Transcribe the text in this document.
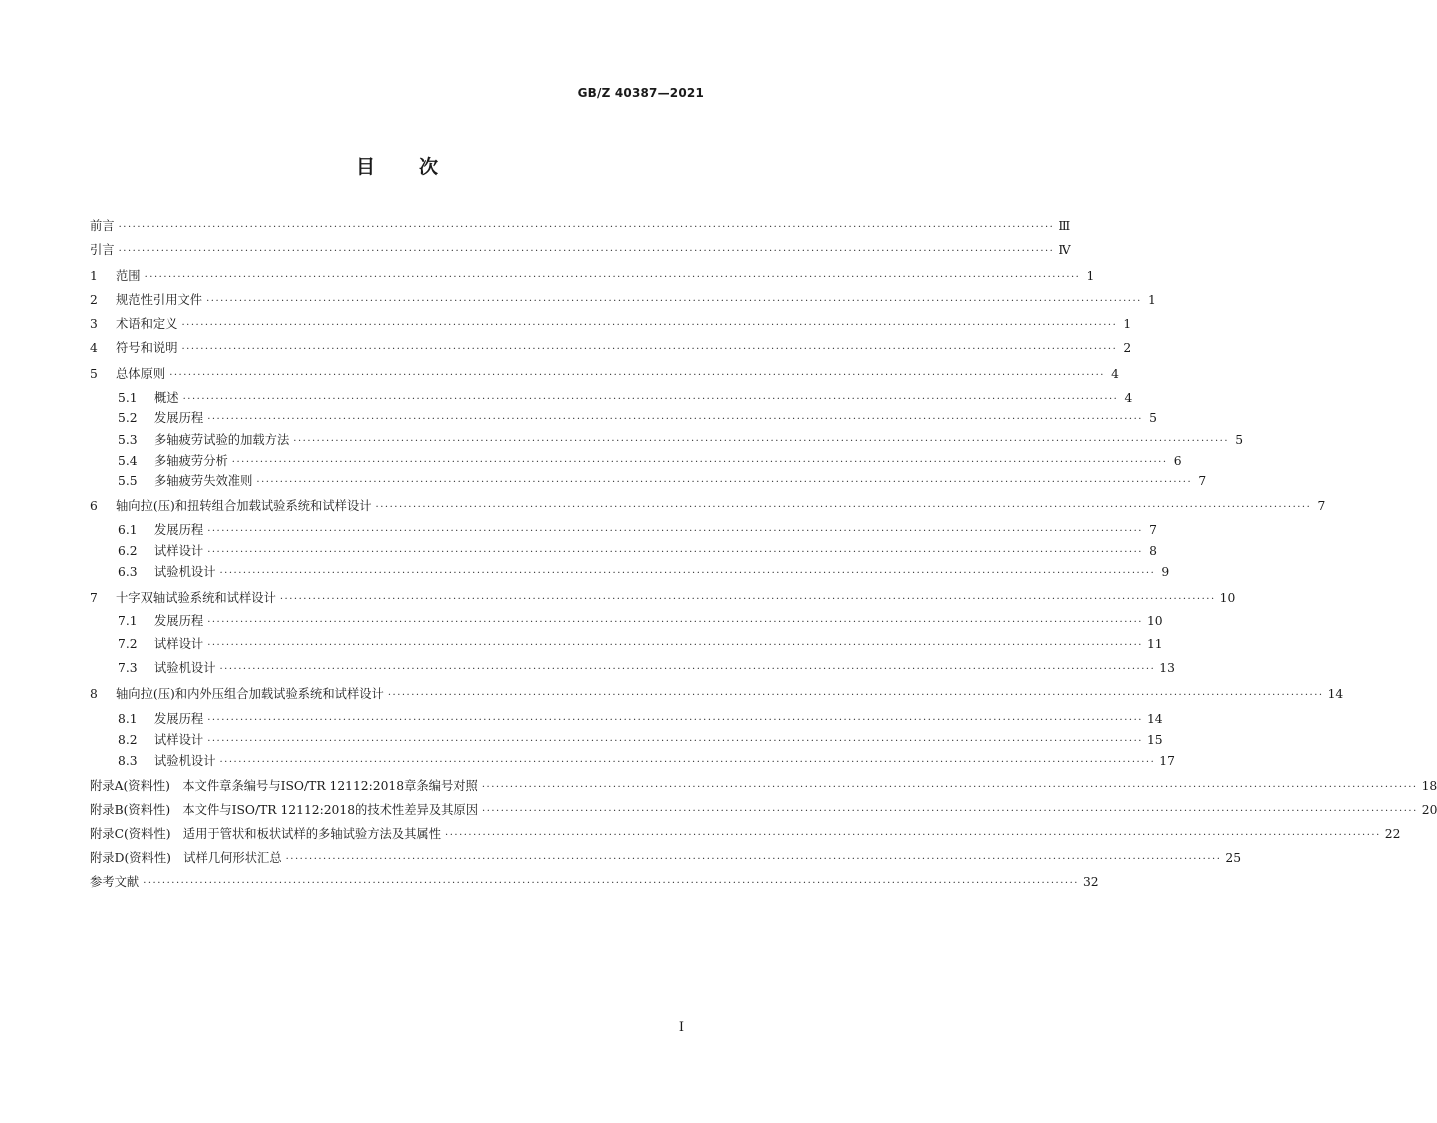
GB/Z 40387—2021
目 次
前言 ········································································································································································································ Ⅲ
引言 ········································································································································································································ Ⅳ
1	范围 ········································································································································································································ 1
2	规范性引用文件 ········································································································································································································ 1
3	术语和定义 ········································································································································································································ 1
4	符号和说明 ········································································································································································································ 2
5	总体原则 ········································································································································································································ 4
5.1	概述 ········································································································································································································ 4
5.2	发展历程 ········································································································································································································ 5
5.3	多轴疲劳试验的加载方法 ········································································································································································································ 5
5.4	多轴疲劳分析 ········································································································································································································ 6
5.5	多轴疲劳失效准则 ········································································································································································································ 7
6	轴向拉(压)和扭转组合加载试验系统和试样设计 ········································································································································································································ 7
6.1	发展历程 ········································································································································································································ 7
6.2	试样设计 ········································································································································································································ 8
6.3	试验机设计 ········································································································································································································ 9
7	十字双轴试验系统和试样设计 ········································································································································································································ 10
7.1	发展历程 ········································································································································································································ 10
7.2	试样设计 ········································································································································································································ 11
7.3	试验机设计 ········································································································································································································ 13
8	轴向拉(压)和内外压组合加载试验系统和试样设计 ········································································································································································································ 14
8.1	发展历程 ········································································································································································································ 14
8.2	试样设计 ········································································································································································································ 15
8.3	试验机设计 ········································································································································································································ 17
附录A(资料性)　本文件章条编号与ISO/TR 12112:2018章条编号对照 ········································································································································································································ 18
附录B(资料性)　本文件与ISO/TR 12112:2018的技术性差异及其原因 ········································································································································································································ 20
附录C(资料性)　适用于管状和板状试样的多轴试验方法及其属性 ········································································································································································································ 22
附录D(资料性)　试样几何形状汇总 ········································································································································································································ 25
参考文献 ········································································································································································································ 32
I
